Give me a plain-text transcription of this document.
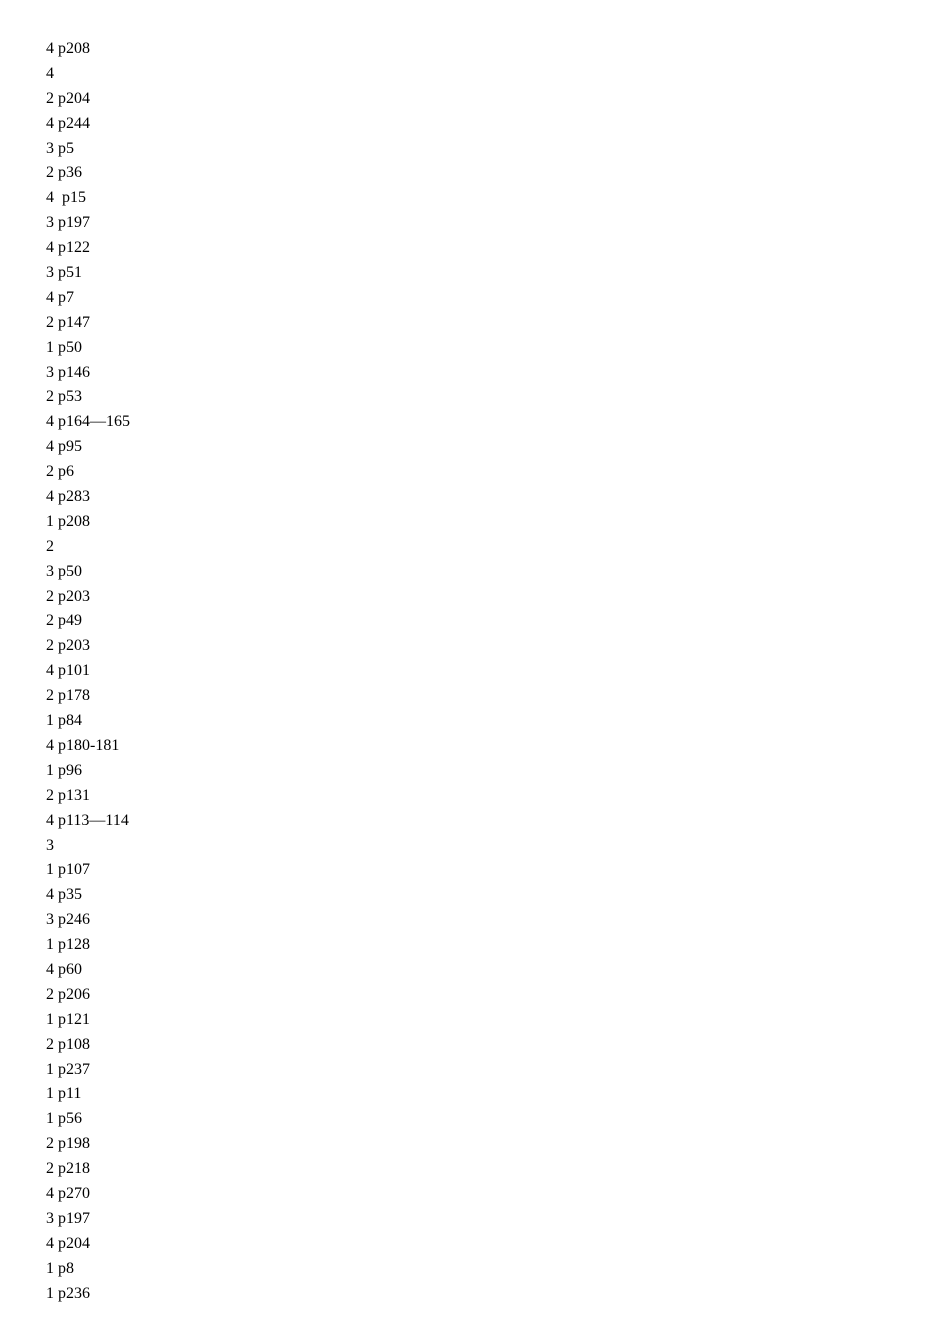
4 p208
4
2 p204
4 p244
3 p5
2 p36
4  p15
3 p197
4 p122
3 p51
4 p7
2 p147
1 p50
3 p146
2 p53
4 p164—165
4 p95
2 p6
4 p283
1 p208
2
3 p50
2 p203
2 p49
2 p203
4 p101
2 p178
1 p84
4 p180-181
1 p96
2 p131
4 p113—114
3
1 p107
4 p35
3 p246
1 p128
4 p60
2 p206
1 p121
2 p108
1 p237
1 p11
1 p56
2 p198
2 p218
4 p270
3 p197
4 p204
1 p8
1 p236
